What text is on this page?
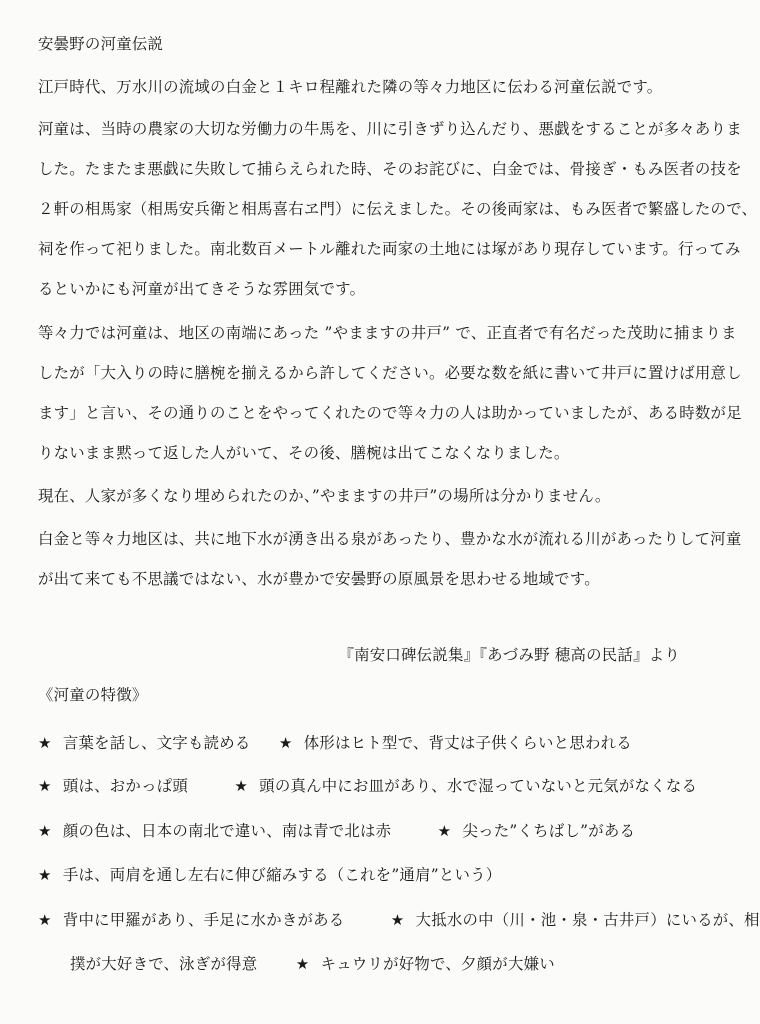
安曇野の河童伝説
江戸時代、万水川の流域の白金と１キロ程離れた隣の等々力地区に伝わる河童伝説です。
河童は、当時の農家の大切な労働力の牛馬を、川に引きずり込んだり、悪戯をすることが多々ありま
した。たまたま悪戯に失敗して捕らえられた時、そのお詫びに、白金では、骨接ぎ・もみ医者の技を
２軒の相馬家（相馬安兵衛と相馬喜右ヱ門）に伝えました。その後両家は、もみ医者で繁盛したので、
祠を作って祀りました。南北数百メートル離れた両家の土地には塚があり現存しています。行ってみ
るといかにも河童が出てきそうな雰囲気です。
等々力では河童は、地区の南端にあった ”やまますの井戸” で、正直者で有名だった茂助に捕まりま
したが「大入りの時に膳椀を揃えるから許してください。必要な数を紙に書いて井戸に置けば用意し
ます」と言い、その通りのことをやってくれたので等々力の人は助かっていましたが、ある時数が足
りないまま黙って返した人がいて、その後、膳椀は出てこなくなりました。
現在、人家が多くなり埋められたのか、”やまますの井戸”の場所は分かりません。
白金と等々力地区は、共に地下水が湧き出る泉があったり、豊かな水が流れる川があったりして河童
が出て来ても不思議ではない、水が豊かで安曇野の原風景を思わせる地域です。
『南安口碑伝説集』『あづみ野 穂高の民話』より
《河童の特徴》
★ 言葉を話し、文字も読める ★ 体形はヒト型で、背丈は子供くらいと思われる
★ 頭は、おかっぱ頭	★ 頭の真ん中にお皿があり、水で湿っていないと元気がなくなる
★ 顔の色は、日本の南北で違い、南は青で北は赤	★ 尖った”くちばし”がある
★ 手は、両肩を通し左右に伸び縮みする（これを”通肩”という）
★ 背中に甲羅があり、手足に水かきがある	★ 大抵水の中（川・池・泉・古井戸）にいるが、相
撲が大好きで、泳ぎが得意	★ キュウリが好物で、夕顔が大嫌い
